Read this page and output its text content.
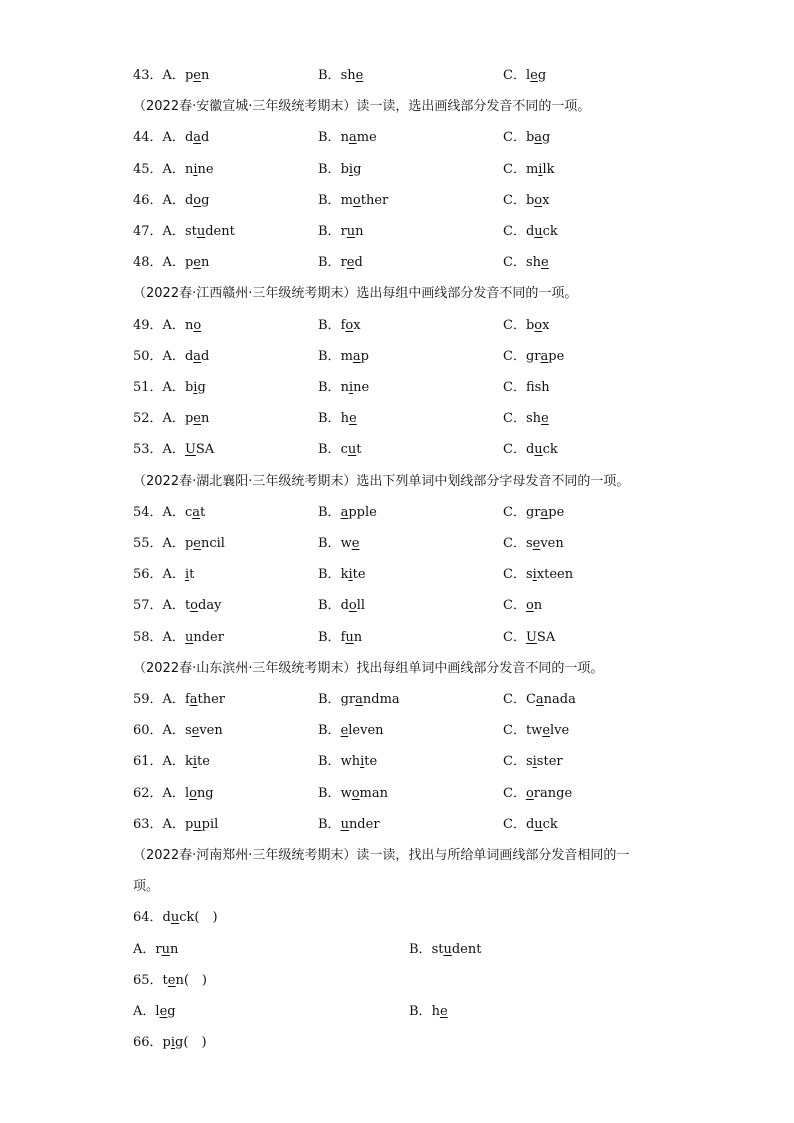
43．A．pen	B．she	C．leg
（2022春·安徽宣城·三年级统考期末）读一读，选出画线部分发音不同的一项。
44．A．dad	B．name	C．bag
45．A．nine	B．big	C．milk
46．A．dog	B．mother	C．box
47．A．student	B．run	C．duck
48．A．pen	B．red	C．she
（2022春·江西赣州·三年级统考期末）选出每组中画线部分发音不同的一项。
49．A．no	B．fox	C．box
50．A．dad	B．map	C．grape
51．A．big	B．nine	C．fsh
52．A．pen	B．he	C．she
53．A．USA	B．cut	C．duck
（2022春·湖北襄阳·三年级统考期末）选出下列单词中划线部分字母发音不同的一项。
54．A．cat	B．apple	C．grape
55．A．pencil	B．we	C．seven
56．A．it	B．kite	C．sixteen
57．A．today	B．doll	C．on
58．A．under	B．fun	C．USA
（2022春·山东滨州·三年级统考期末）找出每组单词中画线部分发音不同的一项。
59．A．father	B．grandma	C．Canada
60．A．seven	B．eleven	C．twelve
61．A．kite	B．white	C．sister
62．A．long	B．woman	C．orange
63．A．pupil	B．under	C．duck
（2022春·河南郑州·三年级统考期末）读一读，找出与所给单词画线部分发音相同的一
项。
64．duck(　)
A．run	B．student
65．ten(　)
A．leg	B．he
66．pig(　)
